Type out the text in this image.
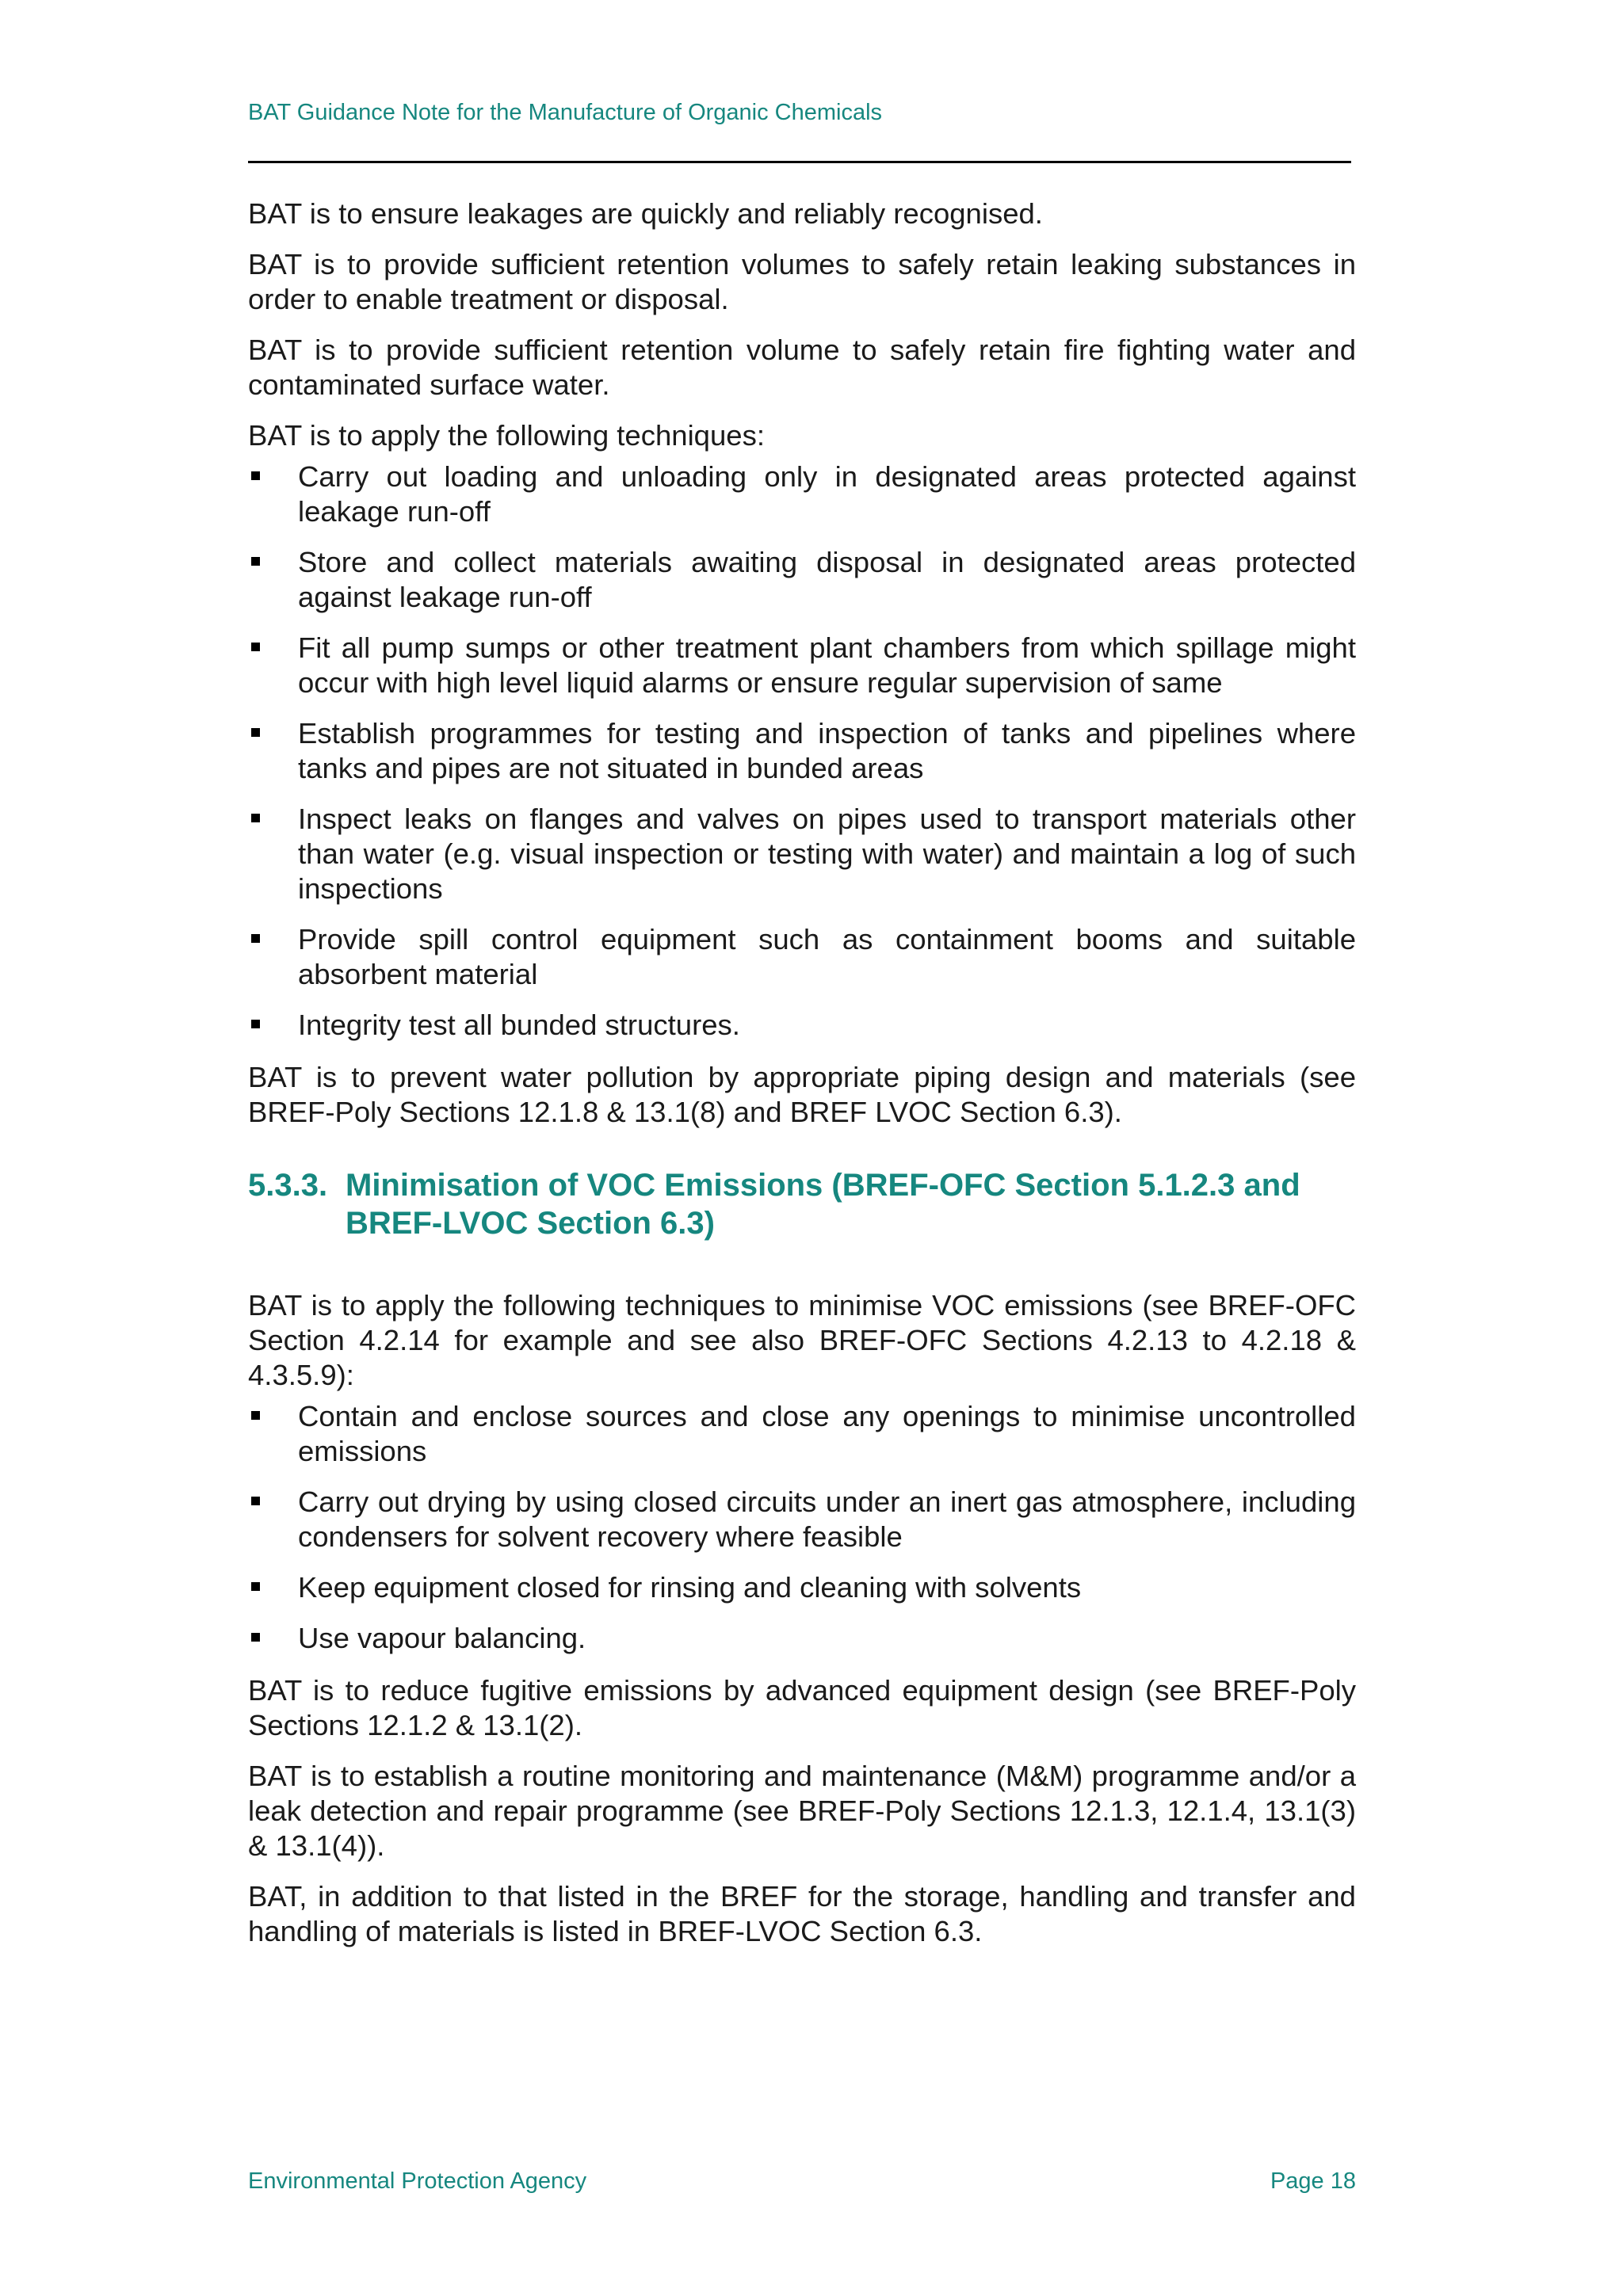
BAT Guidance Note for the Manufacture of Organic Chemicals

BAT is to ensure leakages are quickly and reliably recognised.

BAT is to provide sufficient retention volumes to safely retain leaking substances in order to enable treatment or disposal.

BAT is to provide sufficient retention volume to safely retain fire fighting water and contaminated surface water.

BAT is to apply the following techniques:

Carry out loading and unloading only in designated areas protected against leakage run-off
Store and collect materials awaiting disposal in designated areas protected against leakage run-off
Fit all pump sumps or other treatment plant chambers from which spillage might occur with high level liquid alarms or ensure regular supervision of same
Establish programmes for testing and inspection of tanks and pipelines where tanks and pipes are not situated in bunded areas
Inspect leaks on flanges and valves on pipes used to transport materials other than water (e.g. visual inspection or testing with water) and maintain a log of such inspections
Provide spill control equipment such as containment booms and suitable absorbent material
Integrity test all bunded structures.

BAT is to prevent water pollution by appropriate piping design and materials (see BREF-Poly Sections 12.1.8 & 13.1(8) and BREF LVOC Section 6.3).

5.3.3. Minimisation of VOC Emissions (BREF-OFC Section 5.1.2.3 and BREF-LVOC Section 6.3)

BAT is to apply the following techniques to minimise VOC emissions (see BREF-OFC Section 4.2.14 for example and see also BREF-OFC Sections 4.2.13 to 4.2.18 & 4.3.5.9):

Contain and enclose sources and close any openings to minimise uncontrolled emissions
Carry out drying by using closed circuits under an inert gas atmosphere, including condensers for solvent recovery where feasible
Keep equipment closed for rinsing and cleaning with solvents
Use vapour balancing.

BAT is to reduce fugitive emissions by advanced equipment design (see BREF-Poly Sections 12.1.2 & 13.1(2).

BAT is to establish a routine monitoring and maintenance (M&M) programme and/or a leak detection and repair programme (see BREF-Poly Sections 12.1.3, 12.1.4, 13.1(3) & 13.1(4)).

BAT, in addition to that listed in the BREF for the storage, handling and transfer and handling of materials is listed in BREF-LVOC Section 6.3.

Environmental Protection Agency	Page 18
